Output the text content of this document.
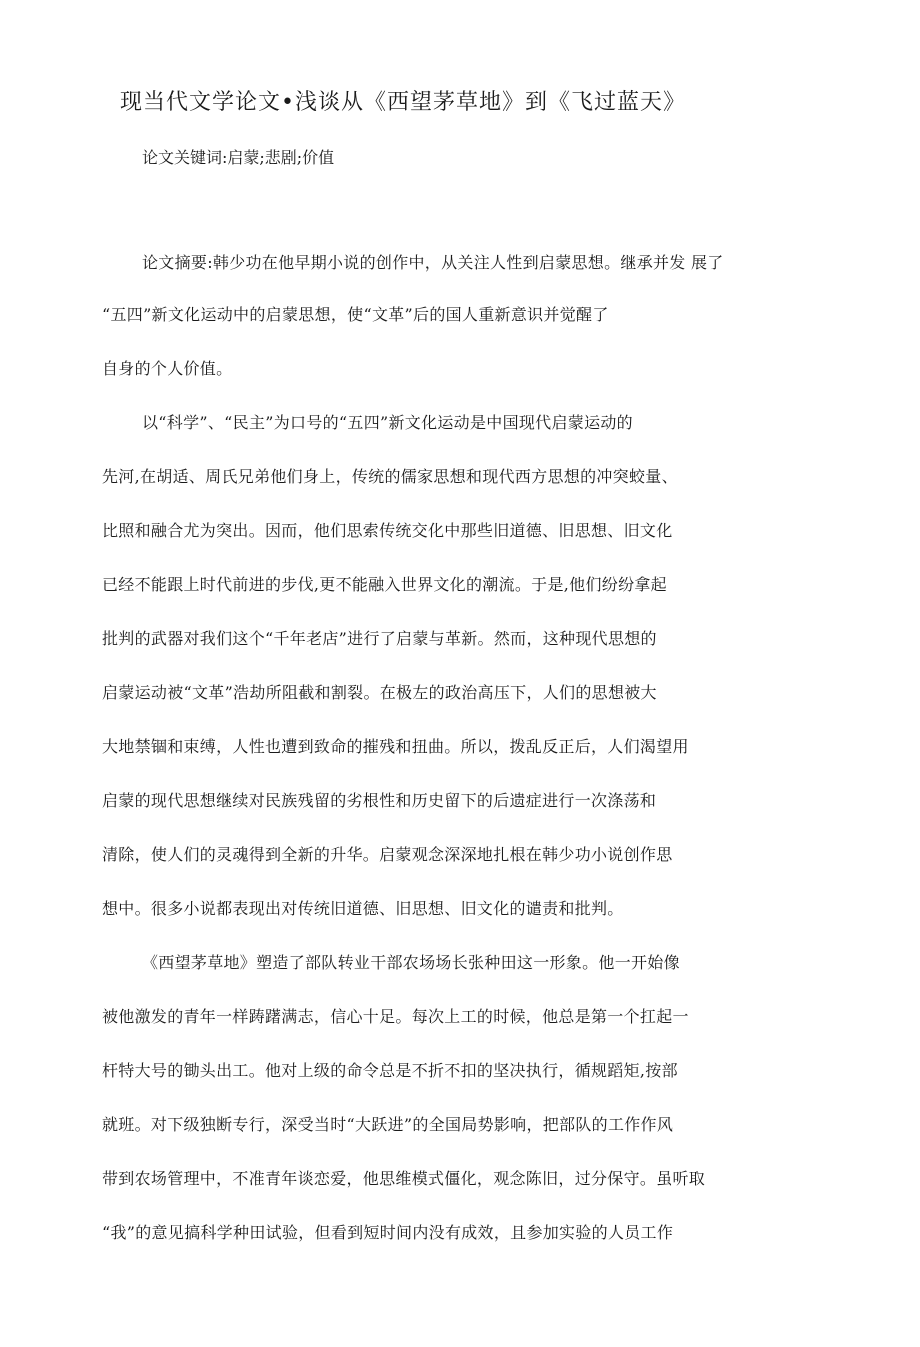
现当代文学论文•浅谈从《西望茅草地》到《飞过蓝天》
论文关键词:启蒙;悲剧;价值
论文摘要:韩少功在他早期小说的创作中，从关注人性到启蒙思想。继承并发 展了
“五四”新文化运动中的启蒙思想，使“文革”后的国人重新意识并觉醒了
自身的个人价值。
以“科学”、“民主”为口号的“五四”新文化运动是中国现代启蒙运动的
先河,在胡适、周氏兄弟他们身上，传统的儒家思想和现代西方思想的冲突蛟量、
比照和融合尤为突出。因而，他们思索传统交化中那些旧道德、旧思想、旧文化
已经不能跟上时代前进的步伐,更不能融入世界文化的潮流。于是,他们纷纷拿起
批判的武器对我们这个“千年老店”进行了启蒙与革新。然而，这种现代思想的
启蒙运动被“文革”浩劫所阻截和割裂。在极左的政治高压下，人们的思想被大
大地禁锢和束缚，人性也遭到致命的摧残和扭曲。所以，拨乱反正后，人们渴望用
启蒙的现代思想继续对民族残留的劣根性和历史留下的后遗症进行一次涤荡和
清除，使人们的灵魂得到全新的升华。启蒙观念深深地扎根在韩少功小说创作思
想中。很多小说都表现出对传统旧道德、旧思想、旧文化的谴责和批判。
《西望茅草地》塑造了部队转业干部农场场长张种田这一形象。他一开始像
被他激发的青年一样踌躇满志，信心十足。每次上工的时候，他总是第一个扛起一
杆特大号的锄头出工。他对上级的命令总是不折不扣的坚决执行，循规蹈矩,按部
就班。对下级独断专行，深受当时“大跃进”的全国局势影响，把部队的工作作风
带到农场管理中，不准青年谈恋爱，他思维模式僵化，观念陈旧，过分保守。虽听取
“我”的意见搞科学种田试验，但看到短时间内没有成效，且参加实验的人员工作
